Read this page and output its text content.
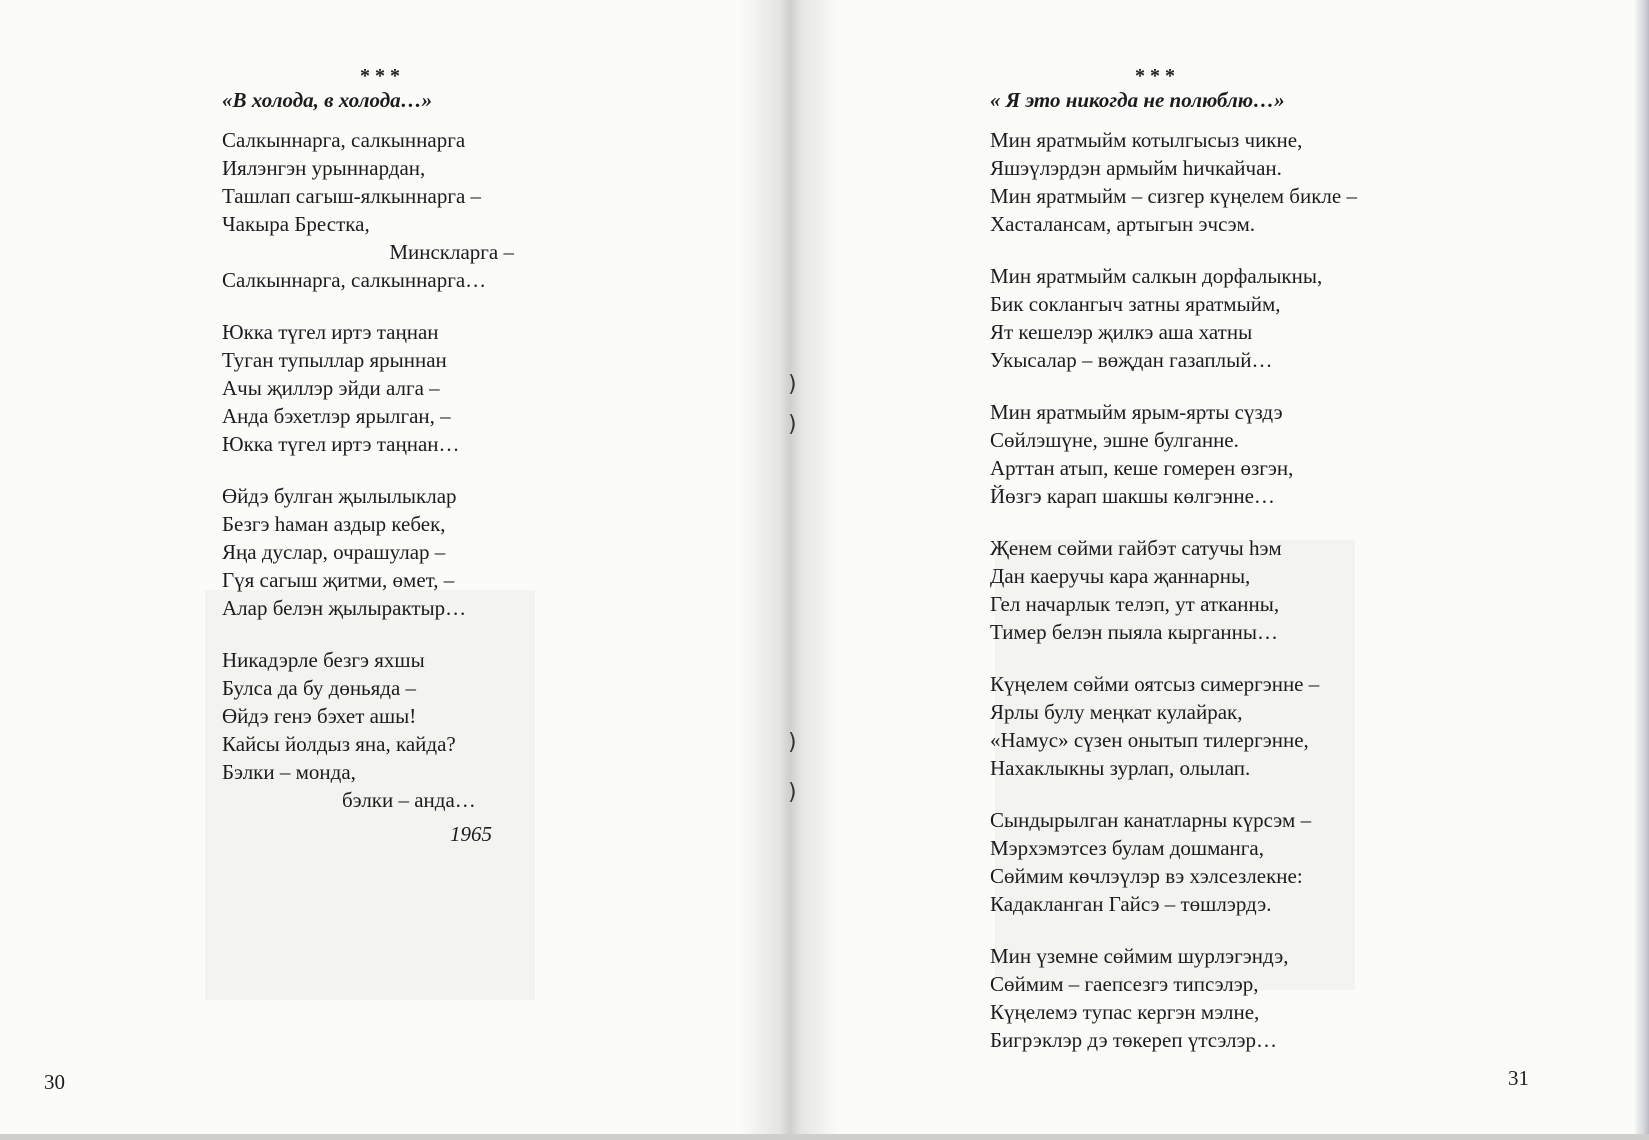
)
)
)
)
* * *
«В холода, в холода…»
Салкыннарга, салкыннарга
Иялэнгэн урыннардан,
Ташлап сагыш-ялкыннарга –
Чакыра Брестка,
Минскларга –
Салкыннарга, салкыннарга…
Юкка түгел иртэ таңнан
Туган тупыллар ярыннан
Ачы җиллэр эйди алга –
Анда бэхетлэр ярылган, –
Юкка түгел иртэ таңнан…
Өйдэ булган җылылыклар
Безгэ һаман аздыр кебек,
Яңа дуслар, очрашулар –
Гүя сагыш җитми, өмет, –
Алар белэн җылырактыр…
Никадэрле безгэ яхшы
Булса да бу дөньяда –
Өйдэ генэ бэхет ашы!
Кайсы йолдыз яна, кайда?
Бэлки – монда,
бэлки – анда…
1965
* * *
« Я это никогда не полюблю…»
Мин яратмыйм котылгысыз чикне,
Яшэүлэрдэн армыйм һичкайчан.
Мин яратмыйм – сизгер күңелем бикле –
Хасталансам, артыгын эчсэм.
Мин яратмыйм салкын дорфалыкны,
Бик соклангыч затны яратмыйм,
Ят кешелэр җилкэ аша хатны
Укысалар – вөҗдан газаплый…
Мин яратмыйм ярым-ярты сүздэ
Сөйлэшүне, эшне булганне.
Арттан атып, кеше гомерен өзгэн,
Йөзгэ карап шакшы көлгэнне…
Җенем сөйми гайбэт сатучы һэм
Дан каеручы кара җаннарны,
Гел начарлык телэп, ут атканны,
Тимер белэн пыяла кырганны…
Күңелем сөйми оятсыз симергэнне –
Ярлы булу меңкат кулайрак,
«Намус» сүзен онытып тилергэнне,
Нахаклыкны зурлап, олылап.
Сындырылган канатларны күрсэм –
Мэрхэмэтсез булам дошманга,
Сөймим көчлэүлэр вэ хэлсезлекне:
Кадакланган Гайсэ – төшлэрдэ.
Мин үземне сөймим шурлэгэндэ,
Сөймим – гаепсезгэ типсэлэр,
Күңелемэ тупас кергэн мэлне,
Бигрэклэр дэ төкереп үтсэлэр…
30	31
